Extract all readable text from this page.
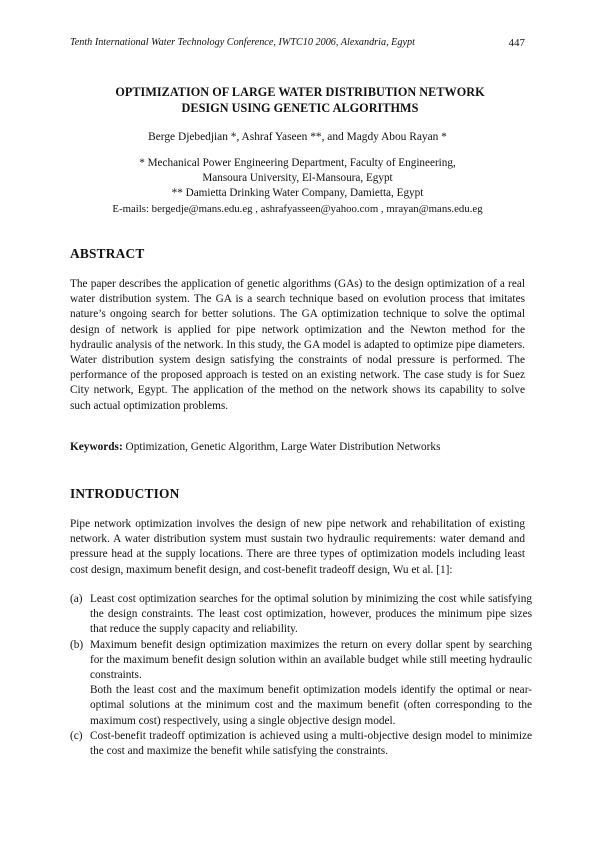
Tenth International Water Technology Conference, IWTC10 2006, Alexandria, Egypt	447
OPTIMIZATION OF LARGE WATER DISTRIBUTION NETWORK
DESIGN USING GENETIC ALGORITHMS
Berge Djebedjian *, Ashraf Yaseen **, and Magdy Abou Rayan *
* Mechanical Power Engineering Department, Faculty of Engineering,
Mansoura University, El-Mansoura, Egypt
** Damietta Drinking Water Company, Damietta, Egypt
E-mails: bergedje@mans.edu.eg , ashrafyasseen@yahoo.com , mrayan@mans.edu.eg
ABSTRACT

The paper describes the application of genetic algorithms (GAs) to the design optimization of a real water distribution system. The GA is a search technique based on evolution process that imitates nature’s ongoing search for better solutions. The GA optimization technique to solve the optimal design of network is applied for pipe network optimization and the Newton method for the hydraulic analysis of the network. In this study, the GA model is adapted to optimize pipe diameters. Water distribution system design satisfying the constraints of nodal pressure is performed. The performance of the proposed approach is tested on an existing network. The case study is for Suez City network, Egypt. The application of the method on the network shows its capability to solve such actual optimization problems.

Keywords: Optimization, Genetic Algorithm, Large Water Distribution Networks
INTRODUCTION

Pipe network optimization involves the design of new pipe network and rehabilitation of existing network. A water distribution system must sustain two hydraulic requirements: water demand and pressure head at the supply locations. There are three types of optimization models including least cost design, maximum benefit design, and cost-benefit tradeoff design, Wu et al. [1]:

(a) Least cost optimization searches for the optimal solution by minimizing the cost while satisfying the design constraints. The least cost optimization, however, produces the minimum pipe sizes that reduce the supply capacity and reliability.
(b) Maximum benefit design optimization maximizes the return on every dollar spent by searching for the maximum benefit design solution within an available budget while still meeting hydraulic constraints.
Both the least cost and the maximum benefit optimization models identify the optimal or near-optimal solutions at the minimum cost and the maximum benefit (often corresponding to the maximum cost) respectively, using a single objective design model.
(c) Cost-benefit tradeoff optimization is achieved using a multi-objective design model to minimize the cost and maximize the benefit while satisfying the constraints.
